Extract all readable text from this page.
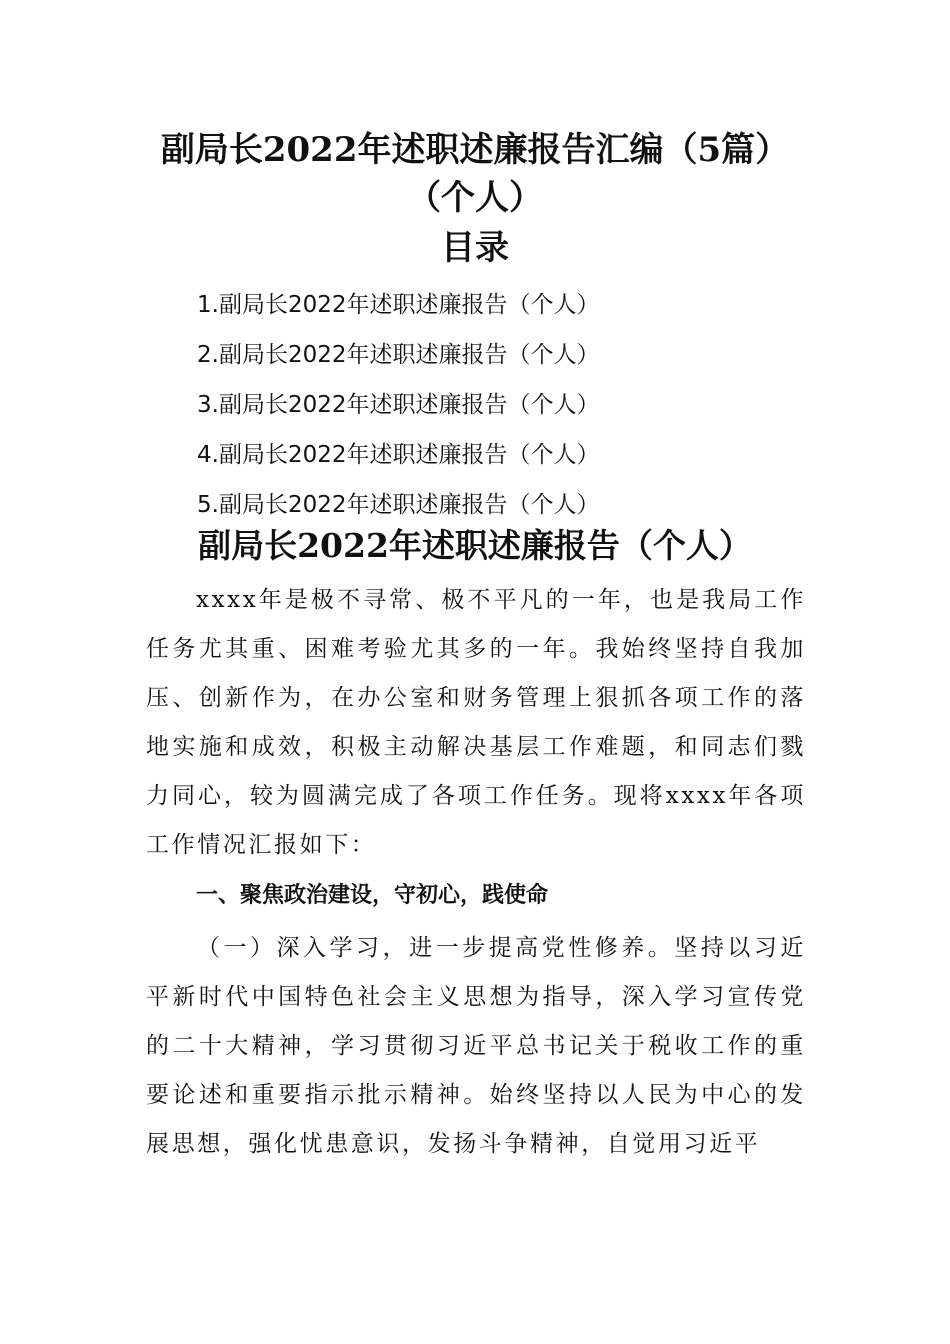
副局长2022年述职述廉报告汇编（5篇）
（个人）
目录
1.副局长2022年述职述廉报告（个人）
2.副局长2022年述职述廉报告（个人）
3.副局长2022年述职述廉报告（个人）
4.副局长2022年述职述廉报告（个人）
5.副局长2022年述职述廉报告（个人）
副局长2022年述职述廉报告（个人）

xxxx年是极不寻常、极不平凡的一年，也是我局工作任务尤其重、困难考验尤其多的一年。我始终坚持自我加压、创新作为，在办公室和财务管理上狠抓各项工作的落地实施和成效，积极主动解决基层工作难题，和同志们戮力同心，较为圆满完成了各项工作任务。现将xxxx年各项工作情况汇报如下：

一、聚焦政治建设，守初心，践使命

（一）深入学习，进一步提高党性修养。坚持以习近平新时代中国特色社会主义思想为指导，深入学习宣传党的二十大精神，学习贯彻习近平总书记关于税收工作的重要论述和重要指示批示精神。始终坚持以人民为中心的发展思想，强化忧患意识，发扬斗争精神，自觉用习近平
